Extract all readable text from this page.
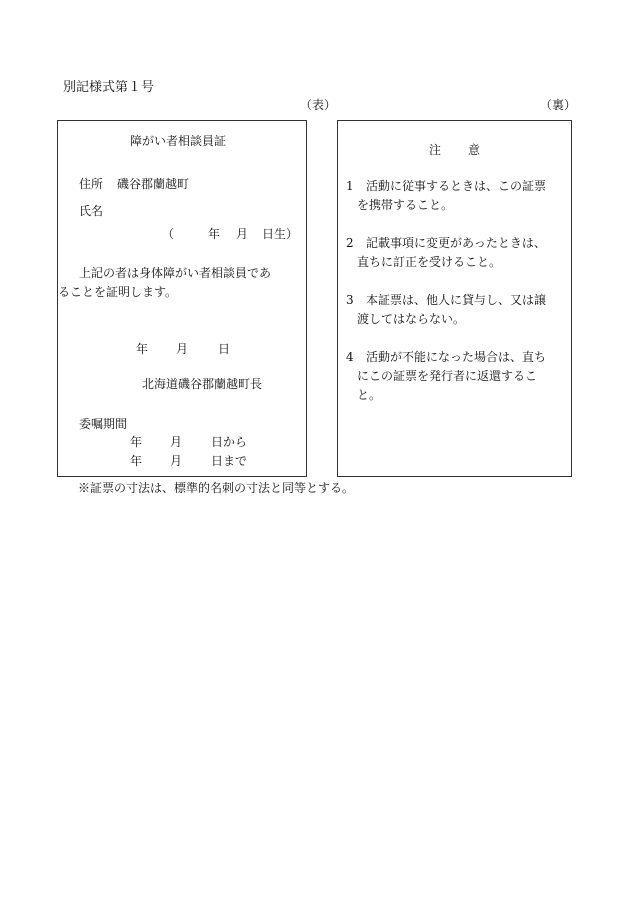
別記様式第１号
（表）	（裏）
障がい者相談員証
住所 磯谷郡蘭越町
氏名
（	年 月 日生）
上記の者は身体障がい者相談員であ
ることを証明します。
年 月 日
北海道磯谷郡蘭越町長
委嘱期間
年 月 日から
年 月 日まで
注 意
1 活動に従事するときは、この証票
を携帯すること。
2 記載事項に変更があったときは、
直ちに訂正を受けること。
3 本証票は、他人に貸与し、又は譲
渡してはならない。
4 活動が不能になった場合は、直ち
にこの証票を発行者に返還するこ
と。
※証票の寸法は、標準的名刺の寸法と同等とする。
